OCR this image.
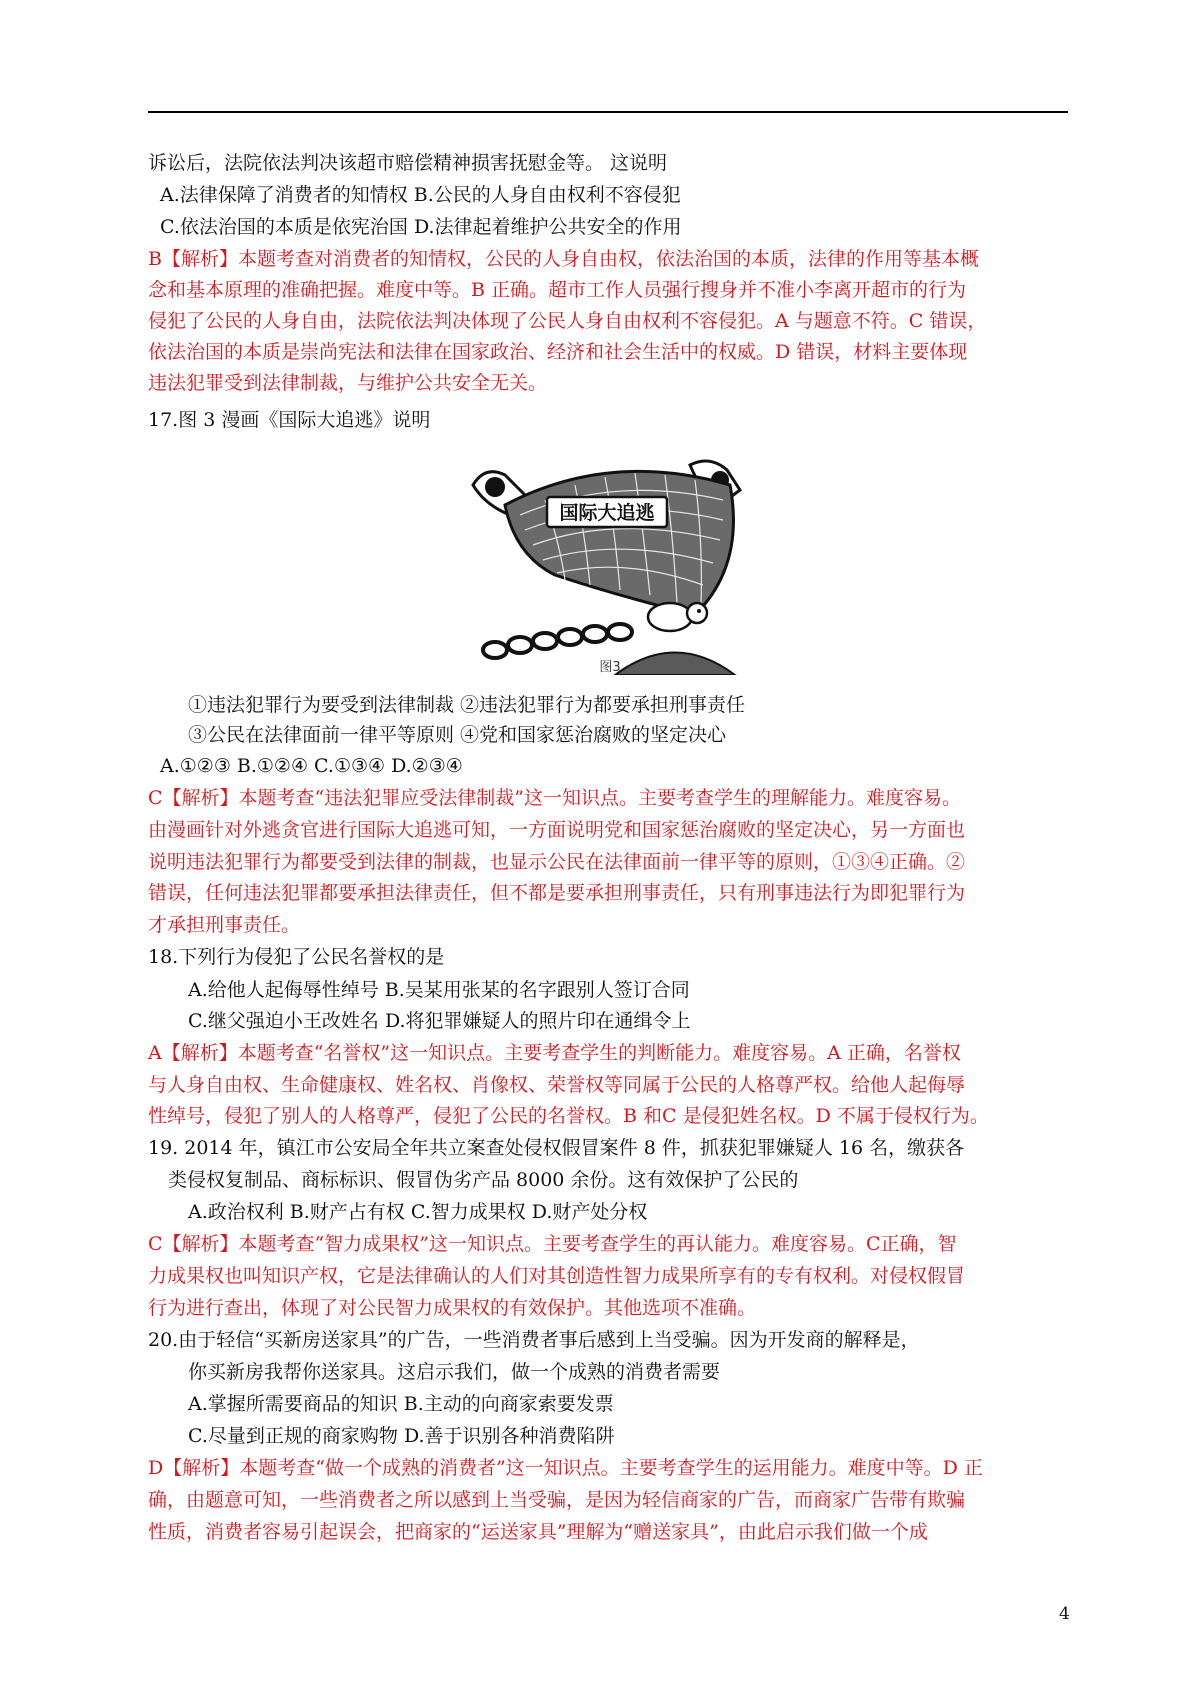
诉讼后，法院依法判决该超市赔偿精神损害抚慰金等。 这说明
A.法律保障了消费者的知情权 B.公民的人身自由权利不容侵犯
C.依法治国的本质是依宪治国 D.法律起着维护公共安全的作用
B【解析】本题考查对消费者的知情权，公民的人身自由权，依法治国的本质，法律的作用等基本概
念和基本原理的准确把握。难度中等。B 正确。超市工作人员强行搜身并不准小李离开超市的行为
侵犯了公民的人身自由，法院依法判决体现了公民人身自由权利不容侵犯。A 与题意不符。C 错误，
依法治国的本质是崇尚宪法和法律在国家政治、经济和社会生活中的权威。D 错误，材料主要体现
违法犯罪受到法律制裁，与维护公共安全无关。
17.图 3 漫画《国际大追逃》说明
国际大追逃
图3
①违法犯罪行为要受到法律制裁 ②违法犯罪行为都要承担刑事责任
③公民在法律面前一律平等原则 ④党和国家惩治腐败的坚定决心
A.①②③ B.①②④ C.①③④ D.②③④
C【解析】本题考查“违法犯罪应受法律制裁”这一知识点。主要考查学生的理解能力。难度容易。
由漫画针对外逃贪官进行国际大追逃可知，一方面说明党和国家惩治腐败的坚定决心，另一方面也
说明违法犯罪行为都要受到法律的制裁，也显示公民在法律面前一律平等的原则，①③④正确。②
错误，任何违法犯罪都要承担法律责任，但不都是要承担刑事责任，只有刑事违法行为即犯罪行为
才承担刑事责任。
18.下列行为侵犯了公民名誉权的是
A.给他人起侮辱性绰号 B.吴某用张某的名字跟别人签订合同
C.继父强迫小王改姓名 D.将犯罪嫌疑人的照片印在通缉令上
A【解析】本题考查“名誉权”这一知识点。主要考查学生的判断能力。难度容易。A 正确，名誉权
与人身自由权、生命健康权、姓名权、肖像权、荣誉权等同属于公民的人格尊严权。给他人起侮辱
性绰号，侵犯了别人的人格尊严，侵犯了公民的名誉权。B 和C 是侵犯姓名权。D 不属于侵权行为。
19. 2014 年，镇江市公安局全年共立案查处侵权假冒案件 8 件，抓获犯罪嫌疑人 16 名，缴获各
类侵权复制品、商标标识、假冒伪劣产品 8000 余份。这有效保护了公民的
A.政治权利 B.财产占有权 C.智力成果权 D.财产处分权
C【解析】本题考查“智力成果权”这一知识点。主要考查学生的再认能力。难度容易。C正确，智
力成果权也叫知识产权，它是法律确认的人们对其创造性智力成果所享有的专有权利。对侵权假冒
行为进行查出，体现了对公民智力成果权的有效保护。其他选项不准确。
20.由于轻信“买新房送家具”的广告，一些消费者事后感到上当受骗。因为开发商的解释是，
你买新房我帮你送家具。这启示我们，做一个成熟的消费者需要
A.掌握所需要商品的知识 B.主动的向商家索要发票
C.尽量到正规的商家购物 D.善于识别各种消费陷阱
D【解析】本题考查“做一个成熟的消费者”这一知识点。主要考查学生的运用能力。难度中等。D 正
确，由题意可知，一些消费者之所以感到上当受骗，是因为轻信商家的广告，而商家广告带有欺骗
性质，消费者容易引起误会，把商家的“运送家具”理解为“赠送家具”，由此启示我们做一个成
4
